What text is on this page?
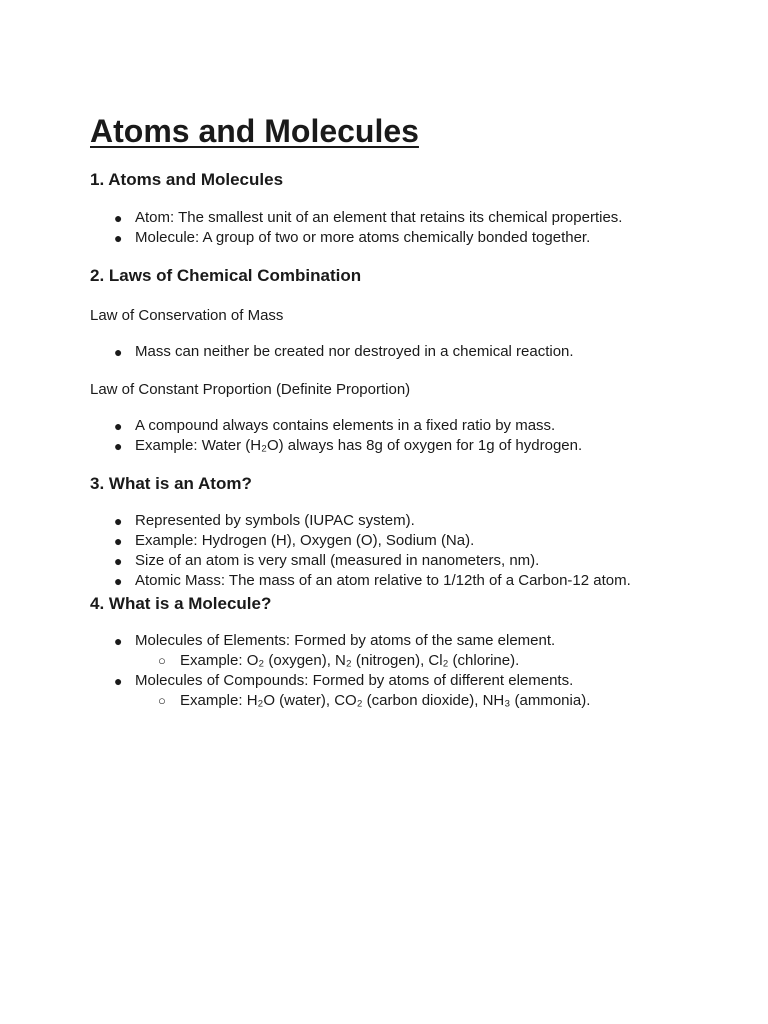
Atoms and Molecules
1. Atoms and Molecules
● Atom: The smallest unit of an element that retains its chemical properties.
● Molecule: A group of two or more atoms chemically bonded together.
2. Laws of Chemical Combination

Law of Conservation of Mass

● Mass can neither be created nor destroyed in a chemical reaction.

Law of Constant Proportion (Definite Proportion)

● A compound always contains elements in a fixed ratio by mass.
● Example: Water (H₂O) always has 8g of oxygen for 1g of hydrogen.
3. What is an Atom?
● Represented by symbols (IUPAC system).
● Example: Hydrogen (H), Oxygen (O), Sodium (Na).
● Size of an atom is very small (measured in nanometers, nm).
● Atomic Mass: The mass of an atom relative to 1/12th of a Carbon-12 atom.
4. What is a Molecule?
● Molecules of Elements: Formed by atoms of the same element.
○ Example: O₂ (oxygen), N₂ (nitrogen), Cl₂ (chlorine).
● Molecules of Compounds: Formed by atoms of different elements.
○ Example: H₂O (water), CO₂ (carbon dioxide), NH₃ (ammonia).
